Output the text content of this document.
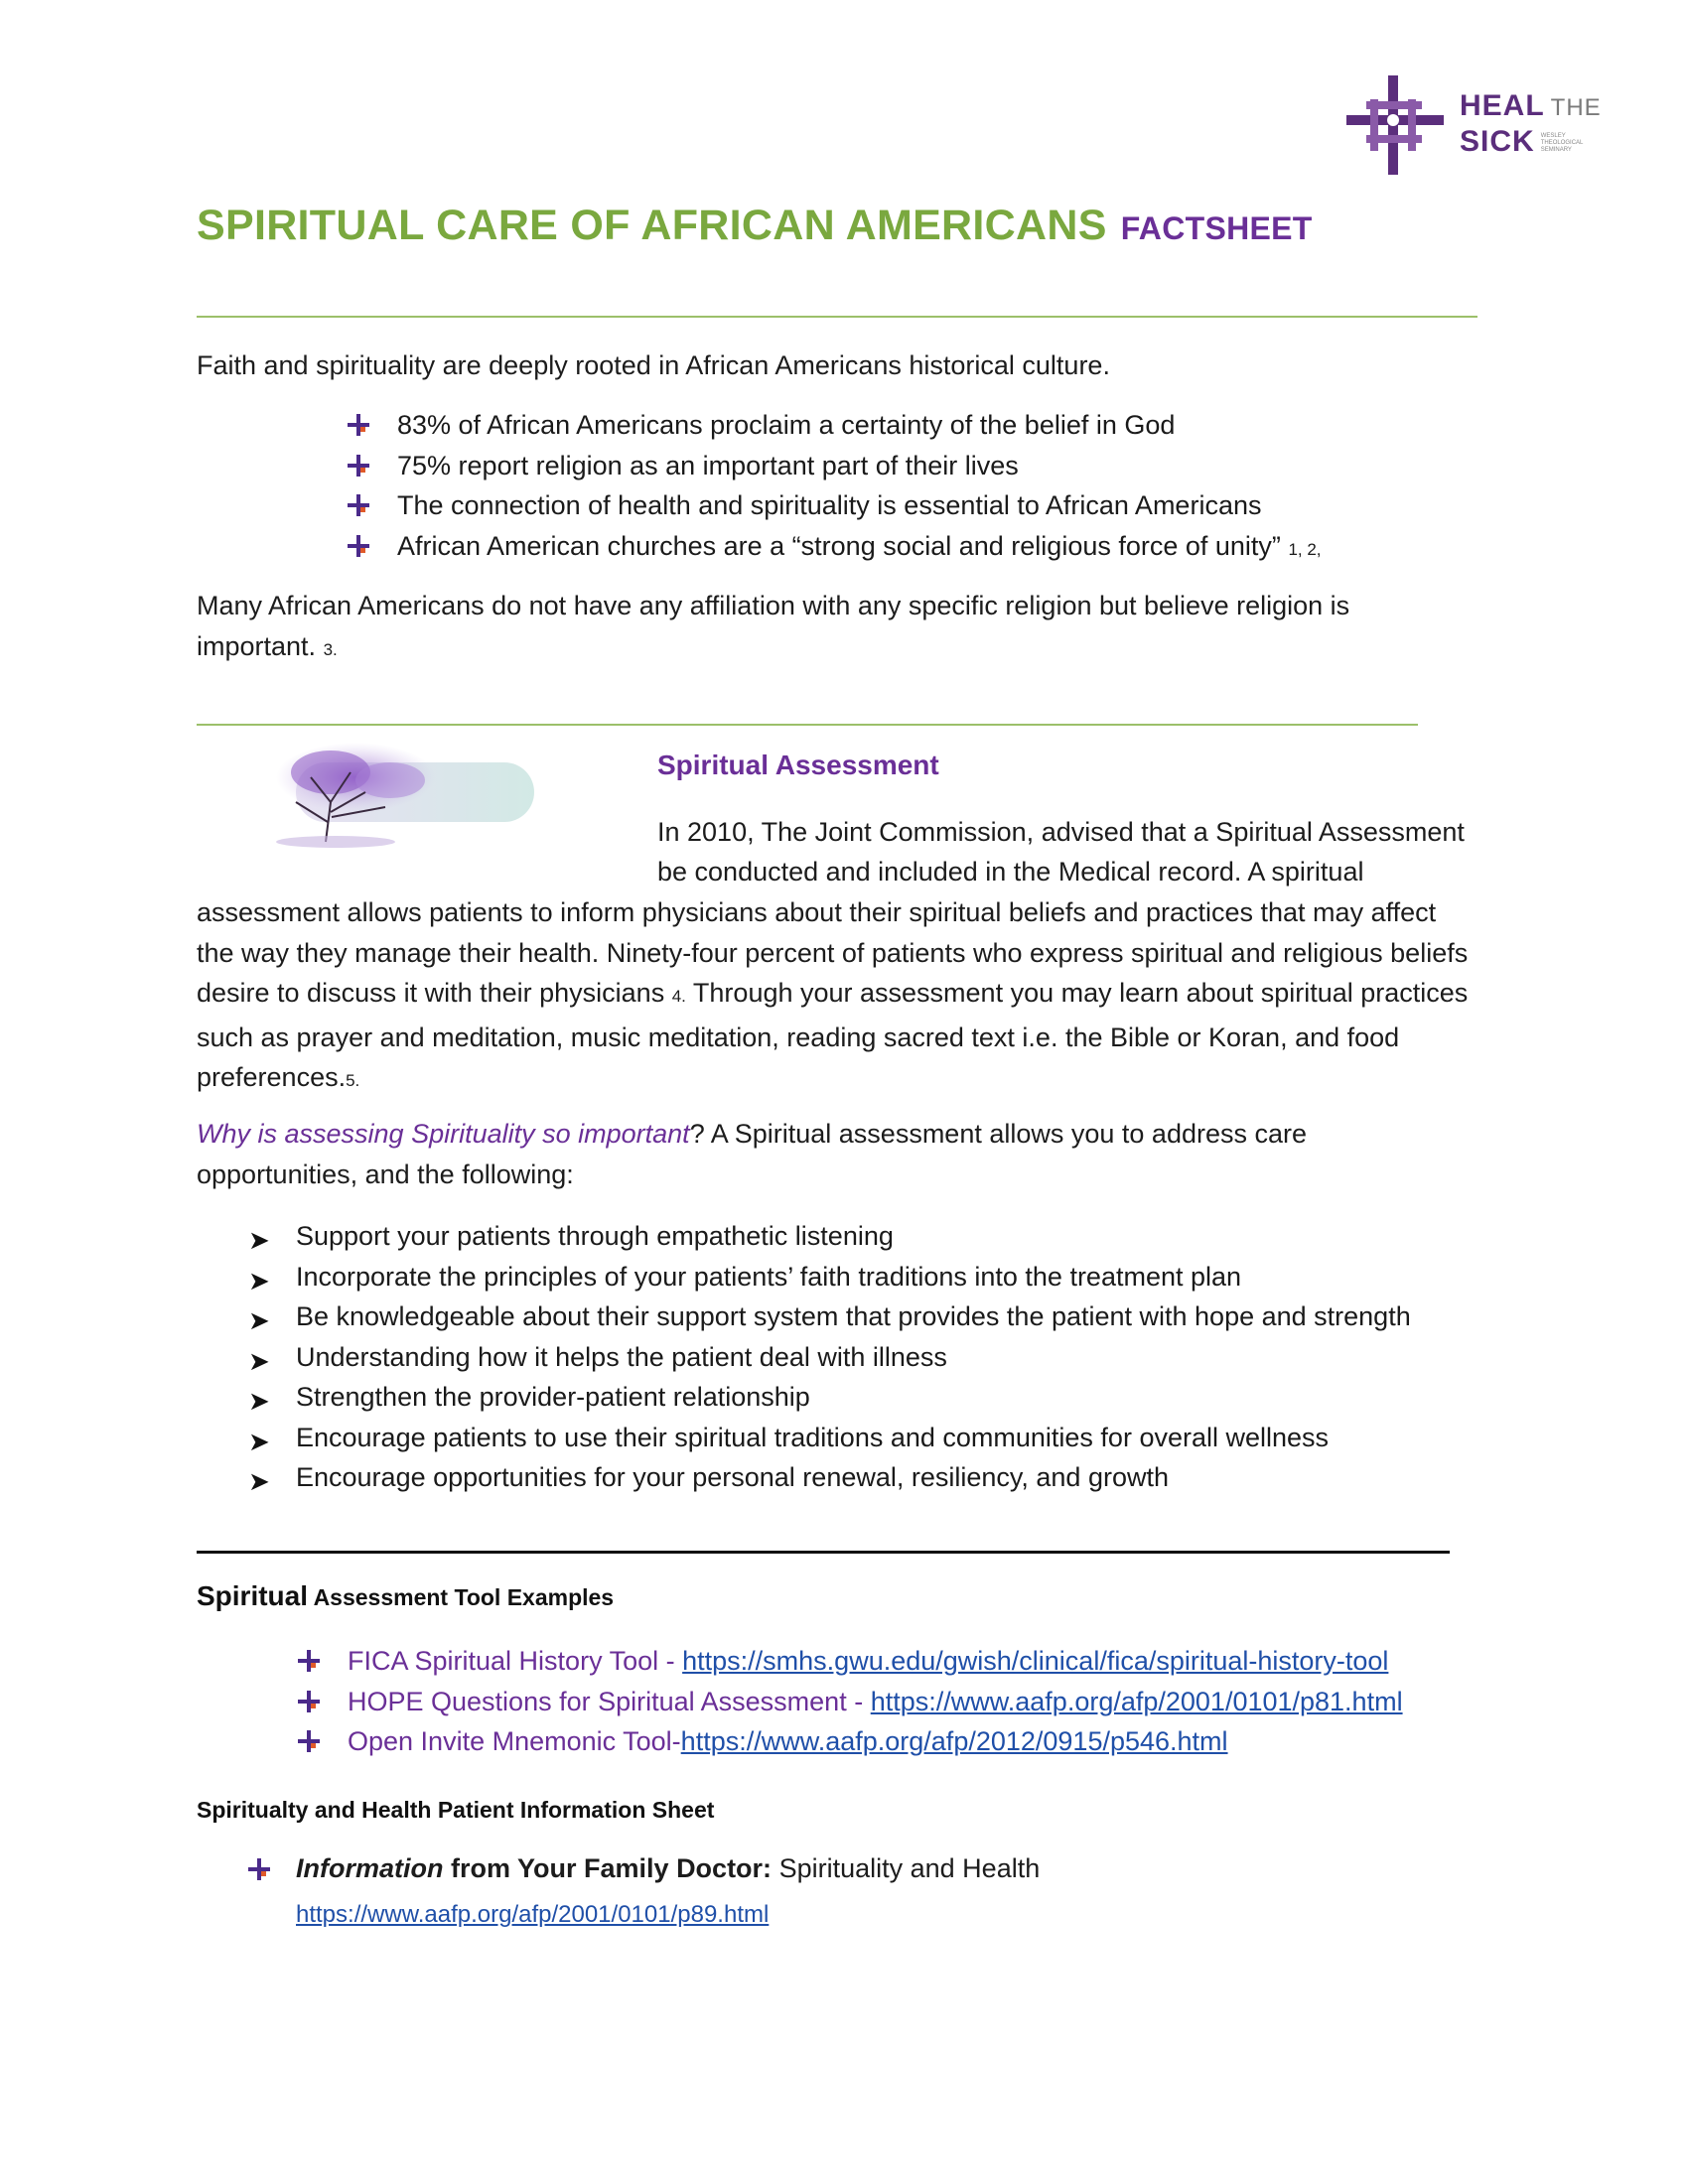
HEAL THE
SICK WESLEY THEOLOGICAL SEMINARY
SPIRITUAL CARE OF AFRICAN AMERICANS FACTSHEET
Faith and spirituality are deeply rooted in African Americans historical culture.
83% of African Americans proclaim a certainty of the belief in God
75% report religion as an important part of their lives
The connection of health and spirituality is essential to African Americans
African American churches are a “strong social and religious force of unity” 1, 2,
Many African Americans do not have any affiliation with any specific religion but believe religion is important. 3.
Spiritual Assessment
In 2010, The Joint Commission, advised that a Spiritual Assessment
be conducted and included in the Medical record. A spiritual
assessment allows patients to inform physicians about their spiritual beliefs and practices that may affect the way they manage their health. Ninety-four percent of patients who express spiritual and religious beliefs desire to discuss it with their physicians 4. Through your assessment you may learn about spiritual practices such as prayer and meditation, music meditation, reading sacred text i.e. the Bible or Koran, and food preferences.5.
Why is assessing Spirituality so important? A Spiritual assessment allows you to address care opportunities, and the following:
➤ Support your patients through empathetic listening
➤ Incorporate the principles of your patients’ faith traditions into the treatment plan
➤ Be knowledgeable about their support system that provides the patient with hope and strength
➤ Understanding how it helps the patient deal with illness
➤ Strengthen the provider-patient relationship
➤ Encourage patients to use their spiritual traditions and communities for overall wellness
➤ Encourage opportunities for your personal renewal, resiliency, and growth
Spiritual Assessment Tool Examples
FICA Spiritual History Tool - https://smhs.gwu.edu/gwish/clinical/fica/spiritual-history-tool
HOPE Questions for Spiritual Assessment - https://www.aafp.org/afp/2001/0101/p81.html
Open Invite Mnemonic Tool-https://www.aafp.org/afp/2012/0915/p546.html
Spiritualty and Health Patient Information Sheet
Information from Your Family Doctor: Spirituality and Health
https://www.aafp.org/afp/2001/0101/p89.html
